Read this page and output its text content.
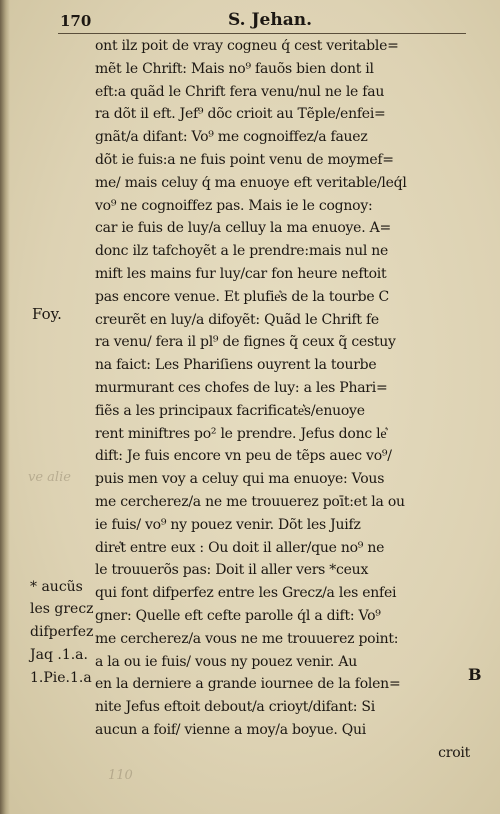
170	S. Jehan.
ont ilz poit de vray cogneu q́ cest veritable=
mẽt le Chrift: Mais no⁹ fauõs bien dont il
eft:a quãd le Chrift fera venu/nul ne le fau
ra dõt il eft. Jef⁹ dõc crioit au Tẽple/enfei=
gnãt/a difant: Vo⁹ me cognoiffez/a fauez
dõt ie fuis:a ne fuis point venu de moymef=
me/ mais celuy q́ ma enuoye eft veritable/leq́l
vo⁹ ne cognoiffez pas. Mais ie le cognoy:
car ie fuis de luy/a celluy la ma enuoye. A=
donc ilz tafchoyẽt a le prendre:mais nul ne
mift les mains fur luy/car fon heure neftoit
pas encore venue. Et plufie͛s de la tourbe C
creurẽt en luy/a difoyẽt: Quãd le Chrift fe
ra venu/ fera il pl⁹ de fignes q̃ ceux q̃ cestuy
na faict: Les Phariſiens ouyrent la tourbe
murmurant ces chofes de luy: a les Phari=
fiẽs a les principaux facrificate͛s/enuoye
rent miniftres po² le prendre. Jefus donc le͛
dift: Je fuis encore vn peu de tẽps auec vo⁹/
puis men voy a celuy qui ma enuoye: Vous
me cercherez/a ne me trouuerez poīt:et la ou
ie fuis/ vo⁹ ny pouez venir. Dõt les Juifz
dire͛t entre eux : Ou doit il aller/que no⁹ ne
le trouuerõs pas: Doit il aller vers *ceux
qui font difperfez entre les Grecz/a les enfei
gner: Quelle eft cefte parolle q́l a dift: Vo⁹
me cercherez/a vous ne me trouuerez point:
a la ou ie fuis/ vous ny pouez venir. Au
en la derniere a grande iournee de la folen=
nite Jefus eftoit debout/a crioyt/difant: Si
aucun a foif/ vienne a moy/a boyue. Qui
croit
Foy.
* aucũs
les grecz
difperfez
Jaq .1.a.
1.Pie.1.a	B
ve alie
110
